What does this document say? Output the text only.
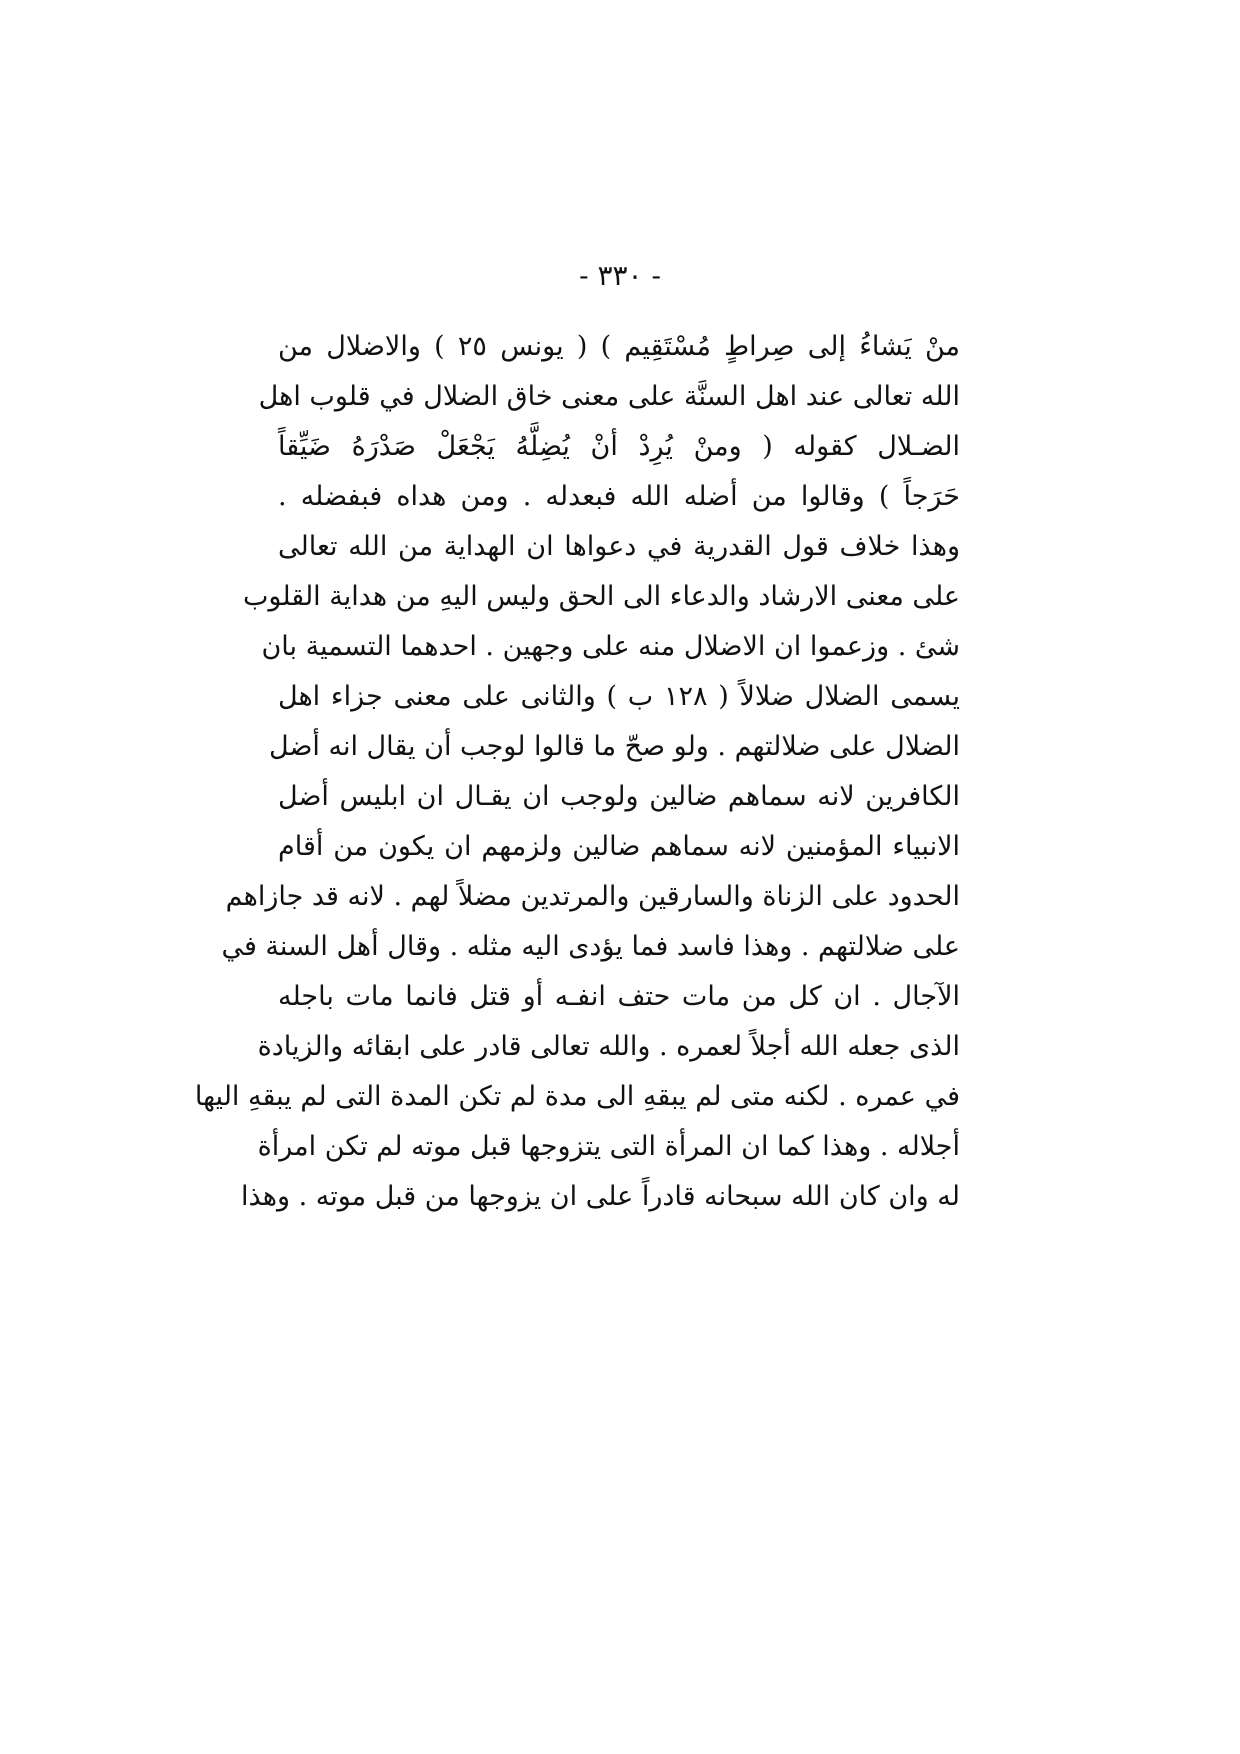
- ٣٣٠ -
منْ يَشاءُ إلى صِراطٍ مُسْتَقِيم ) ( يونس ٢٥ ) والاضلال من
الله تعالى عند اهل السنَّة على معنى خاق الضلال في قلوب اهل
الضـلال كقوله ( ومنْ يُرِدْ أنْ يُضِلَّهُ يَجْعَلْ صَدْرَهُ ضَيِّقاً
حَرَجاً ) وقالوا من أضله الله فبعدله . ومن هداه فبفضله .
وهذا خلاف قول القدرية في دعواها ان الهداية من الله تعالى
على معنى الارشاد والدعاء الى الحق وليس اليهِ من هداية القلوب
شئ . وزعموا ان الاضلال منه على وجهين . احدهما التسمية بان
يسمى الضلال ضلالاً ( ١٢٨ ب ) والثانى على معنى جزاء اهل
الضلال على ضلالتهم . ولو صحّ ما قالوا لوجب أن يقال انه أضل
الكافرين لانه سماهم ضالين ولوجب ان يقـال ان ابليس أضل
الانبياء المؤمنين لانه سماهم ضالين ولزمهم ان يكون من أقام
الحدود على الزناة والسارقين والمرتدين مضلاً لهم . لانه قد جازاهم
على ضلالتهم . وهذا فاسد فما يؤدى اليه مثله . وقال أهل السنة في
الآجال . ان كل من مات حتف انفـه أو قتل فانما مات باجله
الذى جعله الله أجلاً لعمره . والله تعالى قادر على ابقائه والزيادة
في عمره . لكنه متى لم يبقهِ الى مدة لم تكن المدة التى لم يبقهِ اليها
أجلاله . وهذا كما ان المرأة التى يتزوجها قبل موته لم تكن امرأة
له وان كان الله سبحانه قادراً على ان يزوجها من قبل موته . وهذا
